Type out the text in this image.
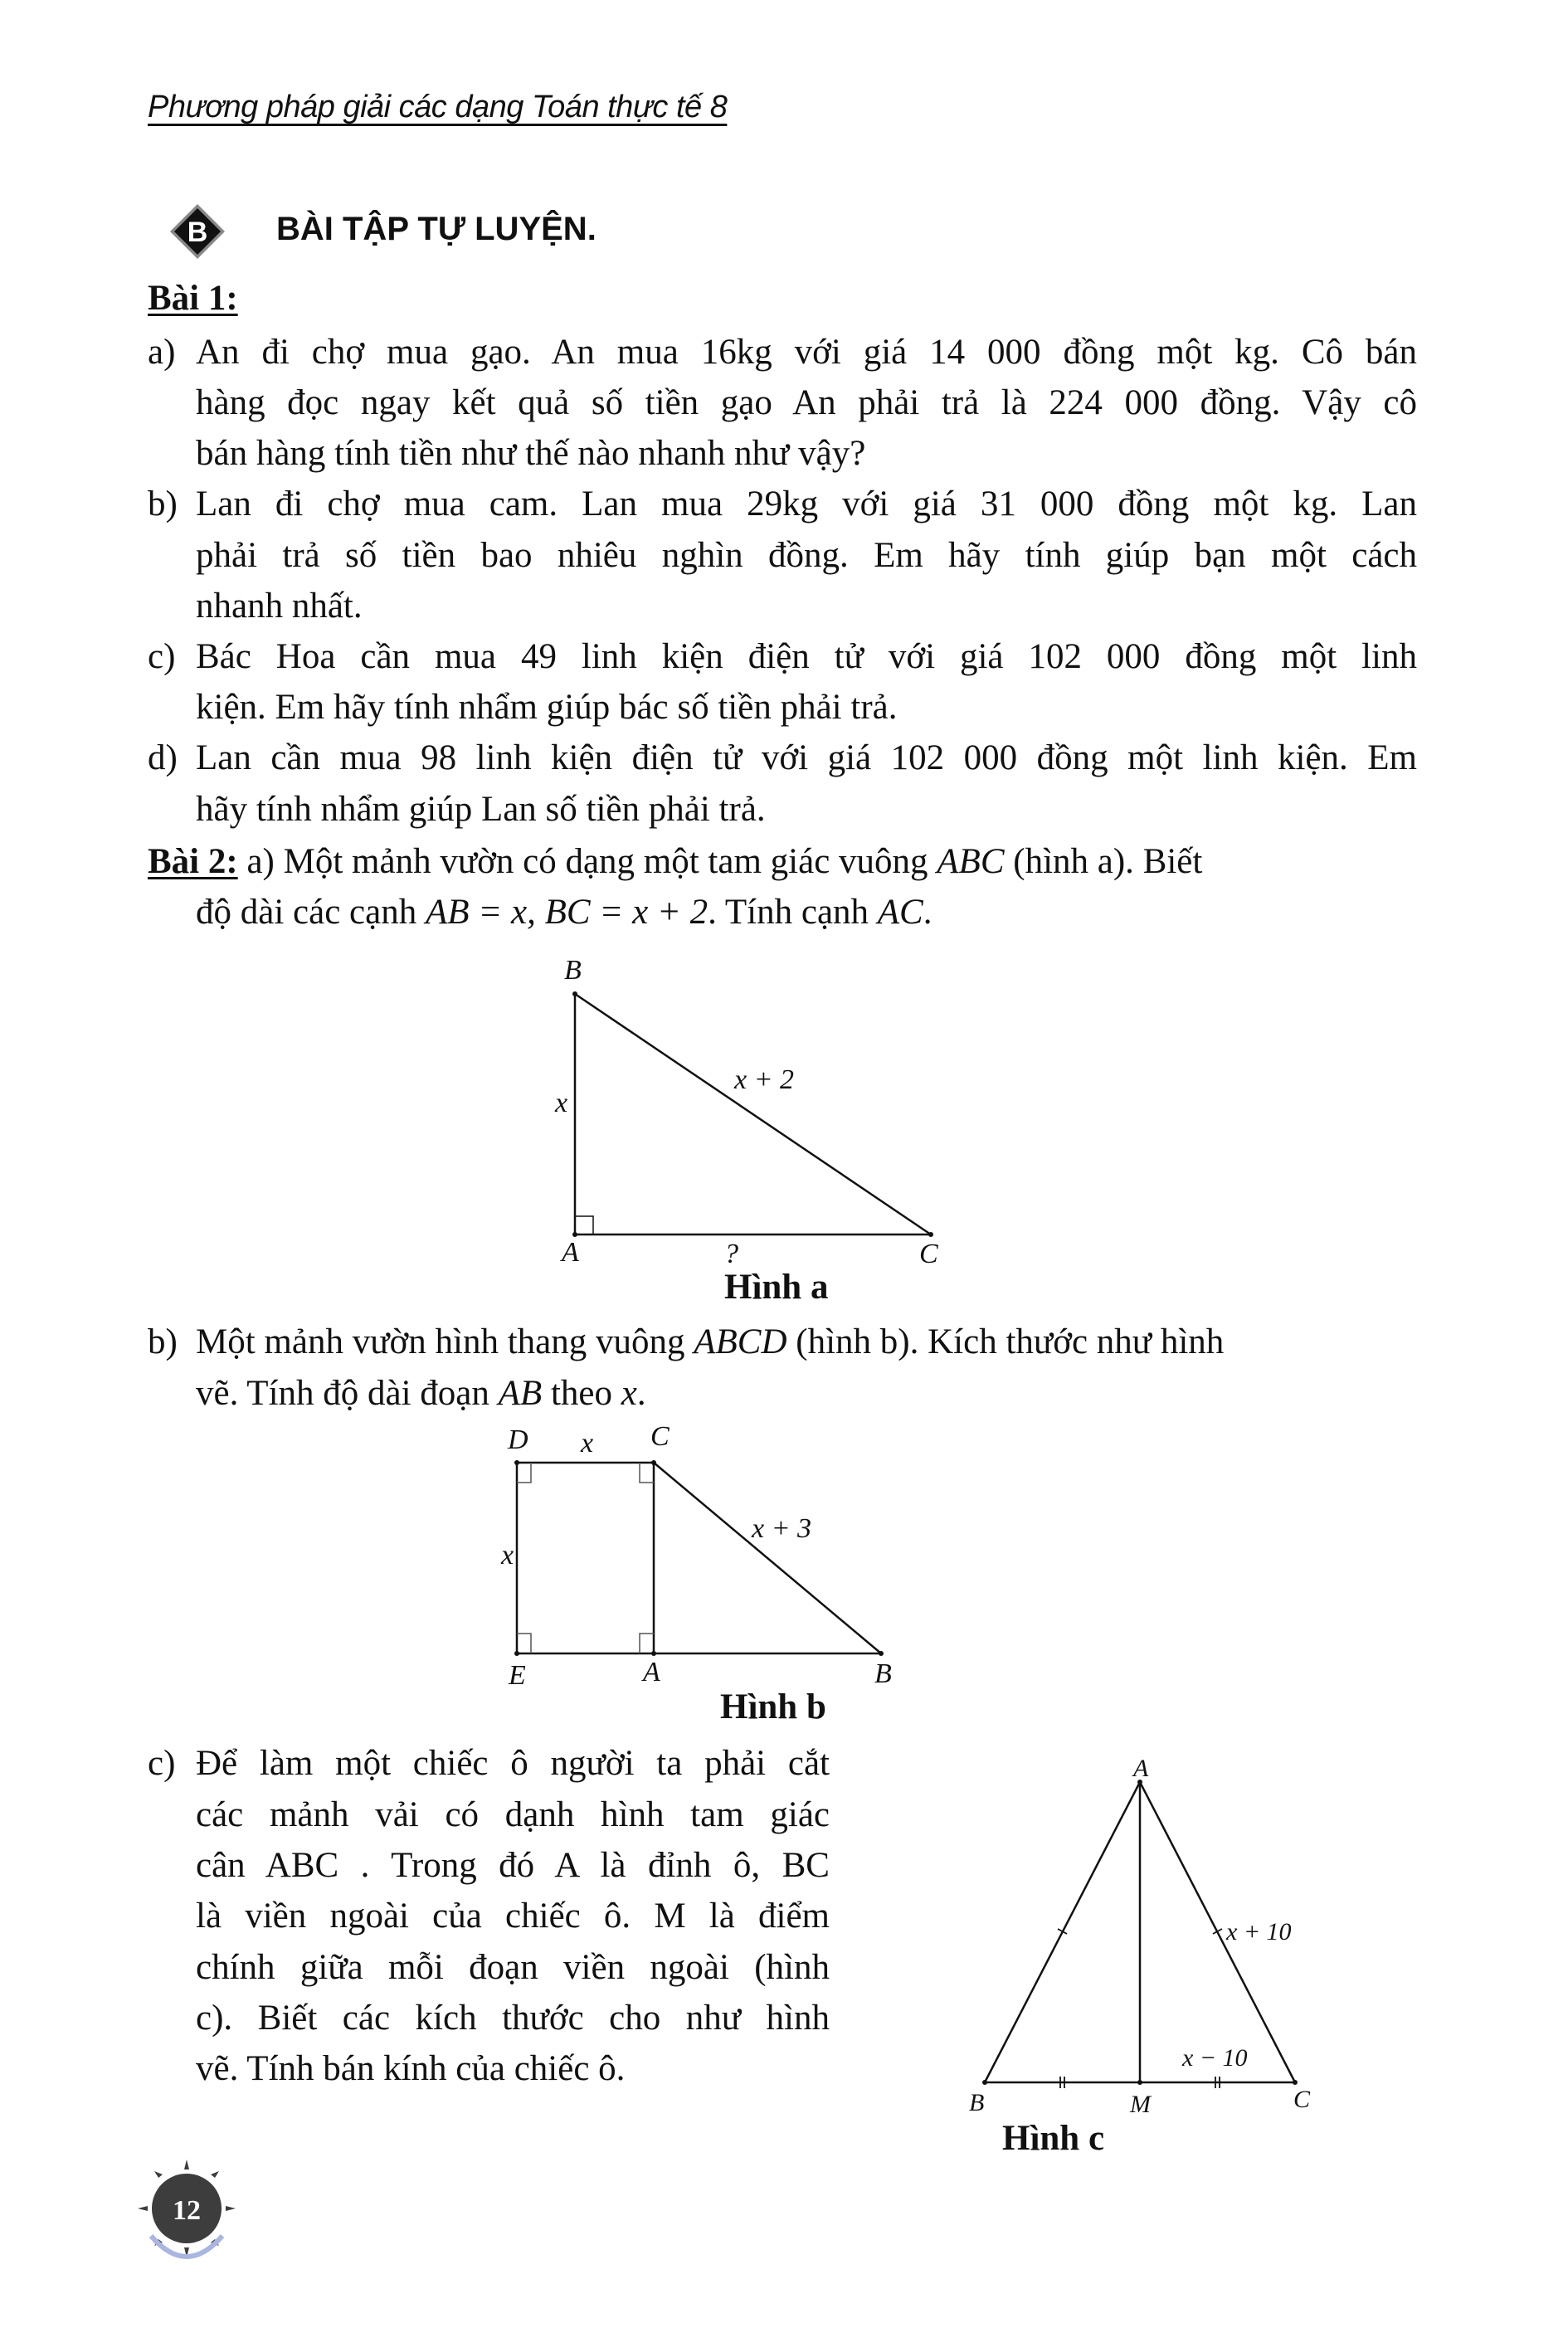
Phương pháp giải các dạng Toán thực tế 8
B BÀI TẬP TỰ LUYỆN.
Bài 1:
a) An đi chợ mua gạo. An mua 16kg với giá 14 000 đồng một kg. Cô bán
hàng đọc ngay kết quả số tiền gạo An phải trả là 224 000 đồng. Vậy cô
bán hàng tính tiền như thế nào nhanh như vậy?
b) Lan đi chợ mua cam. Lan mua 29kg với giá 31 000 đồng một kg. Lan
phải trả số tiền bao nhiêu nghìn đồng. Em hãy tính giúp bạn một cách
nhanh nhất.
c) Bác Hoa cần mua 49 linh kiện điện tử với giá 102 000 đồng một linh
kiện. Em hãy tính nhẩm giúp bác số tiền phải trả.
d) Lan cần mua 98 linh kiện điện tử với giá 102 000 đồng một linh kiện. Em
hãy tính nhẩm giúp Lan số tiền phải trả.
Bài 2: a) Một mảnh vườn có dạng một tam giác vuông ABC (hình a). Biết
độ dài các cạnh AB = x, BC = x + 2. Tính cạnh AC.
B
A	C
x
x + 2
?
Hình a
b) Một mảnh vườn hình thang vuông ABCD (hình b). Kích thước như hình
vẽ. Tính độ dài đoạn AB theo x.
D	C
E	A	B
x
x
x + 3
Hình b
c) Để làm một chiếc ô người ta phải cắt
các mảnh vải có dạnh hình tam giác
cân ABC . Trong đó A là đỉnh ô, BC
là viền ngoài của chiếc ô. M là điểm
chính giữa mỗi đoạn viền ngoài (hình
c). Biết các kích thước cho như hình
vẽ. Tính bán kính của chiếc ô.
A
B	M	C
x + 10
x − 10
Hình c
12
